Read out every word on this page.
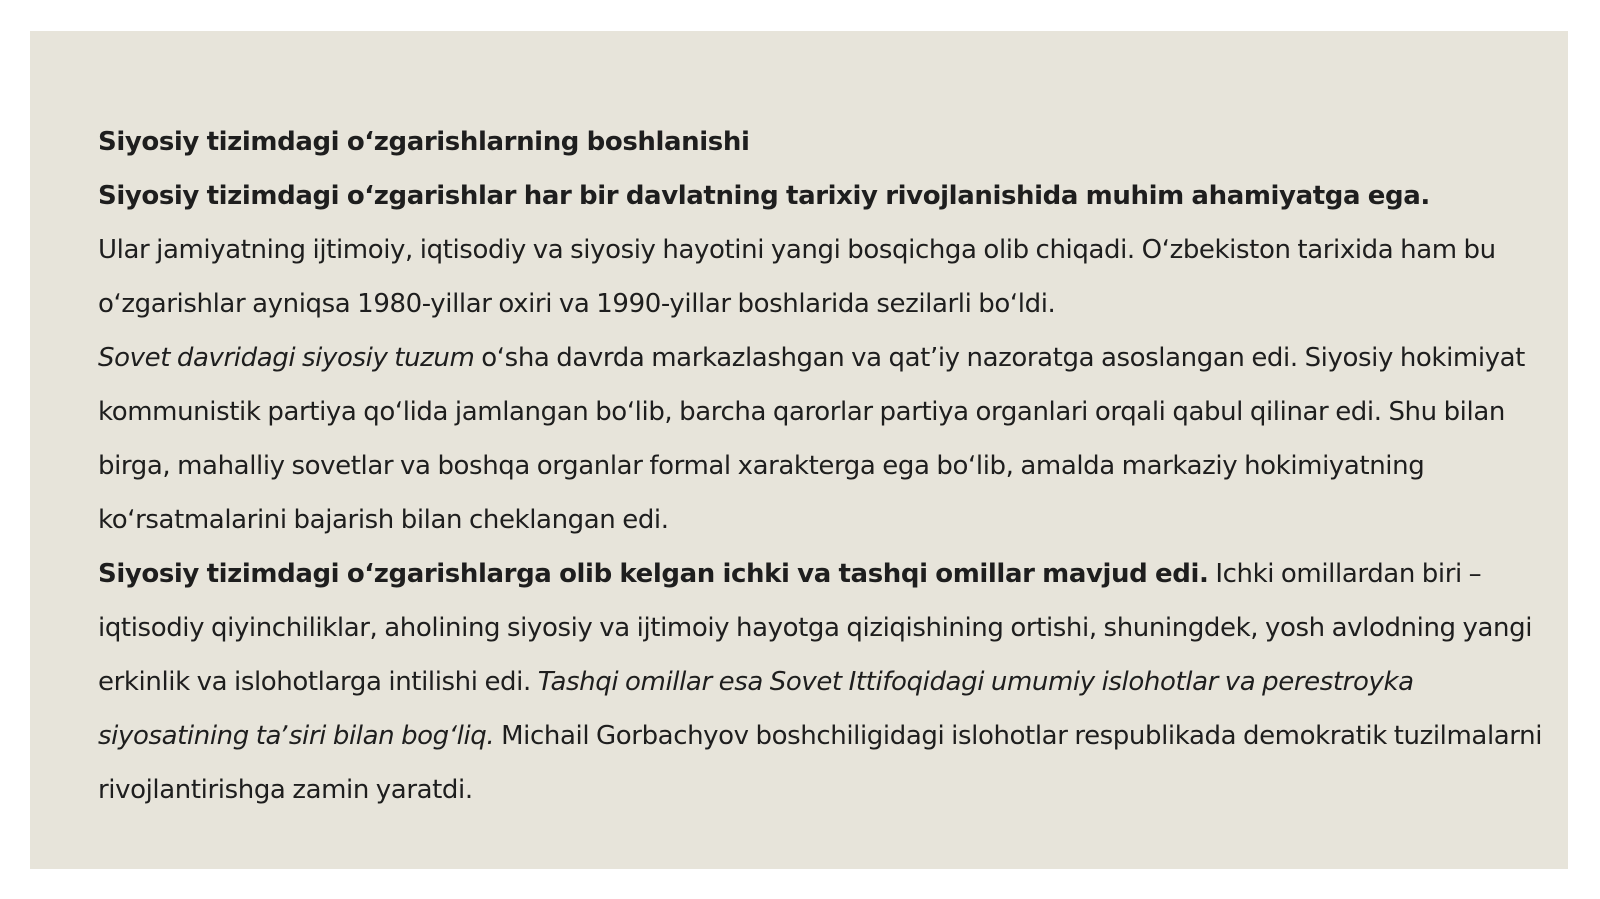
Siyosiy tizimdagi oʻzgarishlarning boshlanishi

Siyosiy tizimdagi oʻzgarishlar har bir davlatning tarixiy rivojlanishida muhim ahamiyatga ega.
Ular jamiyatning ijtimoiy, iqtisodiy va siyosiy hayotini yangi bosqichga olib chiqadi. Oʻzbekiston tarixida ham bu oʻzgarishlar ayniqsa 1980-yillar oxiri va 1990-yillar boshlarida sezilarli boʻldi.

Sovet davridagi siyosiy tuzum oʻsha davrda markazlashgan va qatʼiy nazoratga asoslangan edi. Siyosiy hokimiyat kommunistik partiya qoʻlida jamlangan boʻlib, barcha qarorlar partiya organlari orqali qabul qilinar edi. Shu bilan birga, mahalliy sovetlar va boshqa organlar formal xarakterga ega boʻlib, amalda markaziy hokimiyatning koʻrsatmalarini bajarish bilan cheklangan edi.

Siyosiy tizimdagi oʻzgarishlarga olib kelgan ichki va tashqi omillar mavjud edi. Ichki omillardan biri – iqtisodiy qiyinchiliklar, aholining siyosiy va ijtimoiy hayotga qiziqishining ortishi, shuningdek, yosh avlodning yangi erkinlik va islohotlarga intilishi edi. Tashqi omillar esa Sovet Ittifoqidagi umumiy islohotlar va perestroyka siyosatining taʼsiri bilan bogʻliq. Michail Gorbachyov boshchiligidagi islohotlar respublikada demokratik tuzilmalarni rivojlantirishga zamin yaratdi.
